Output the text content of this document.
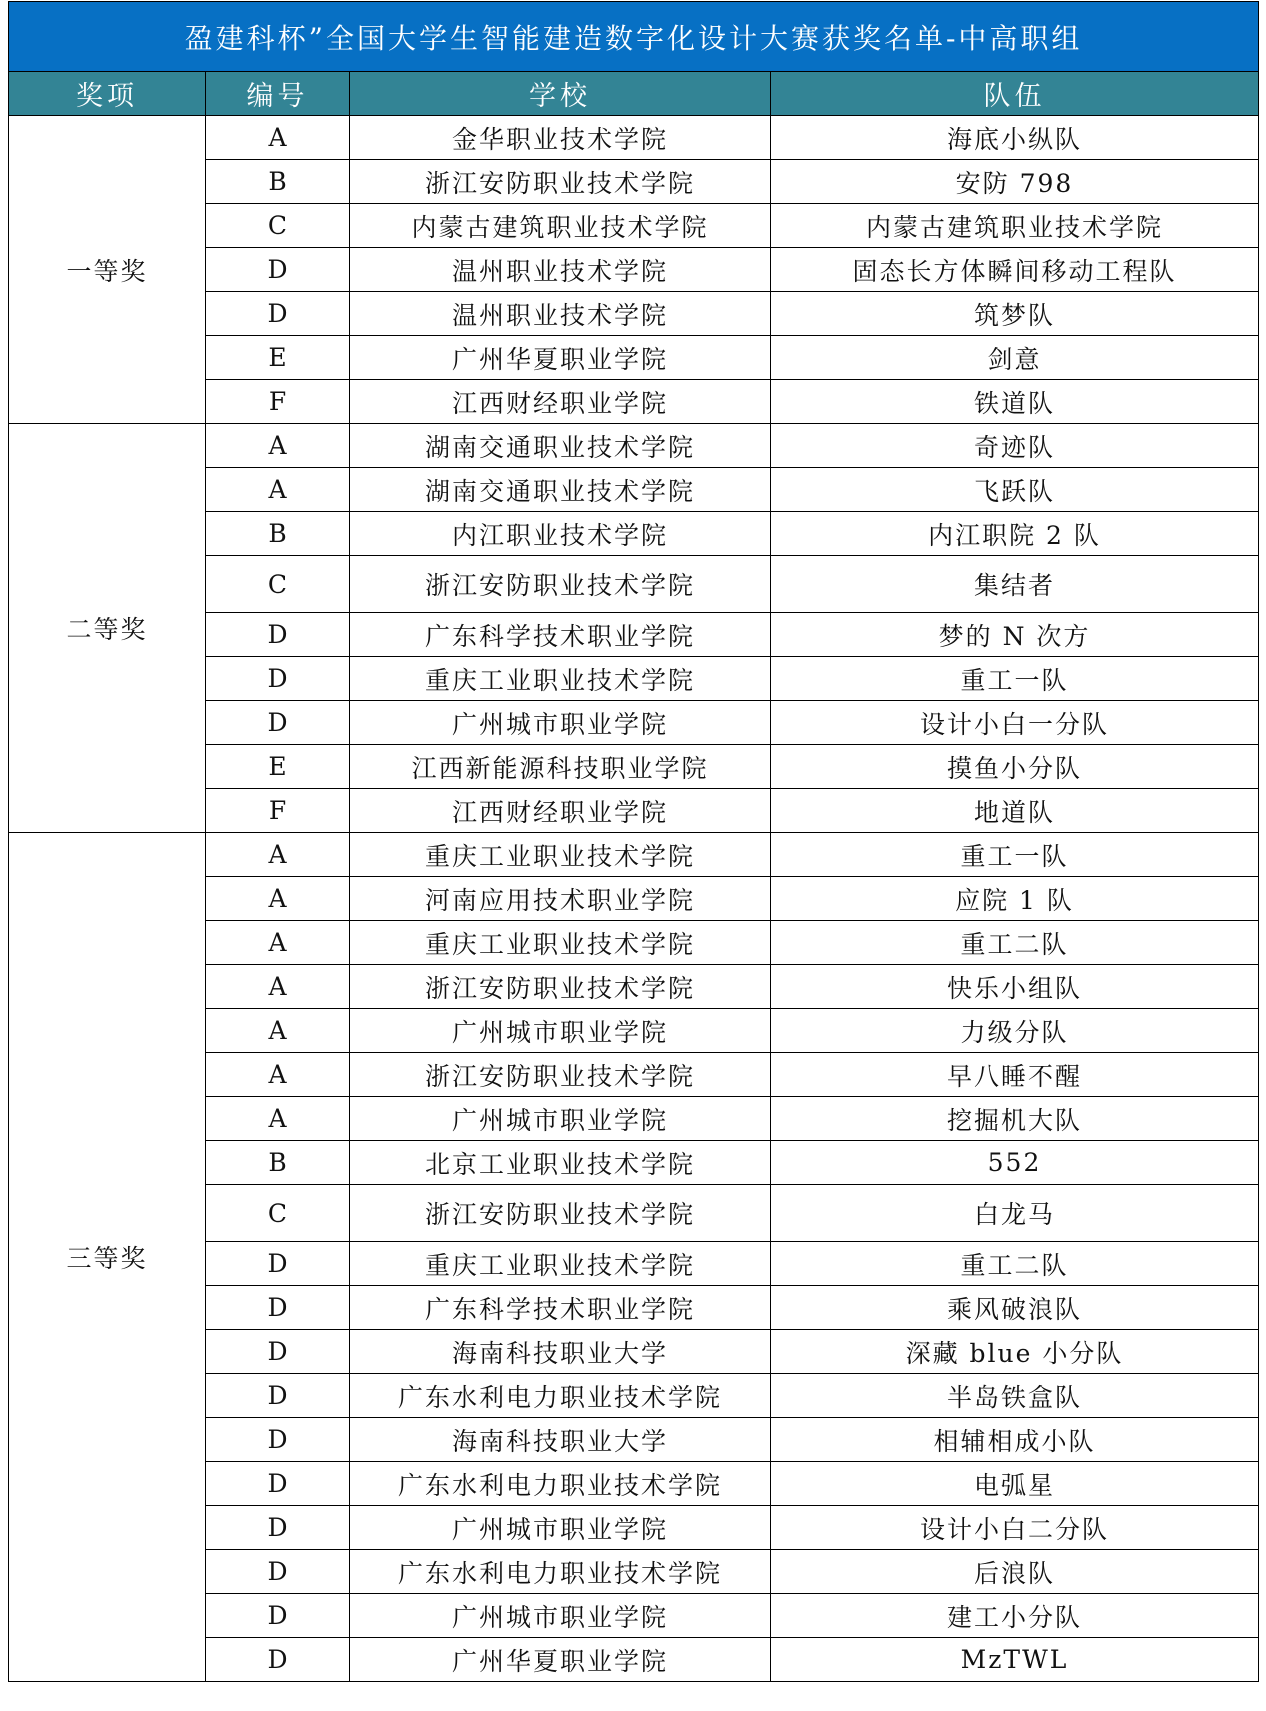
盈建科杯”全国大学生智能建造数字化设计大赛获奖名单-中高职组			
奖项	编号	学校	队伍
一等奖	A	金华职业技术学院	海底小纵队
	B	浙江安防职业技术学院	安防 798
	C	内蒙古建筑职业技术学院	内蒙古建筑职业技术学院
	D	温州职业技术学院	固态长方体瞬间移动工程队
	D	温州职业技术学院	筑梦队
	E	广州华夏职业学院	剑意
	F	江西财经职业学院	铁道队
二等奖	A	湖南交通职业技术学院	奇迹队
	A	湖南交通职业技术学院	飞跃队
	B	内江职业技术学院	内江职院 2 队
	C	浙江安防职业技术学院	集结者
	D	广东科学技术职业学院	梦的 N 次方
	D	重庆工业职业技术学院	重工一队
	D	广州城市职业学院	设计小白一分队
	E	江西新能源科技职业学院	摸鱼小分队
	F	江西财经职业学院	地道队
三等奖	A	重庆工业职业技术学院	重工一队
	A	河南应用技术职业学院	应院 1 队
	A	重庆工业职业技术学院	重工二队
	A	浙江安防职业技术学院	快乐小组队
	A	广州城市职业学院	力级分队
	A	浙江安防职业技术学院	早八睡不醒
	A	广州城市职业学院	挖掘机大队
	B	北京工业职业技术学院	552
	C	浙江安防职业技术学院	白龙马
	D	重庆工业职业技术学院	重工二队
	D	广东科学技术职业学院	乘风破浪队
	D	海南科技职业大学	深藏 blue 小分队
	D	广东水利电力职业技术学院	半岛铁盒队
	D	海南科技职业大学	相辅相成小队
	D	广东水利电力职业技术学院	电弧星
	D	广州城市职业学院	设计小白二分队
	D	广东水利电力职业技术学院	后浪队
	D	广州城市职业学院	建工小分队
	D	广州华夏职业学院	MzTWL
